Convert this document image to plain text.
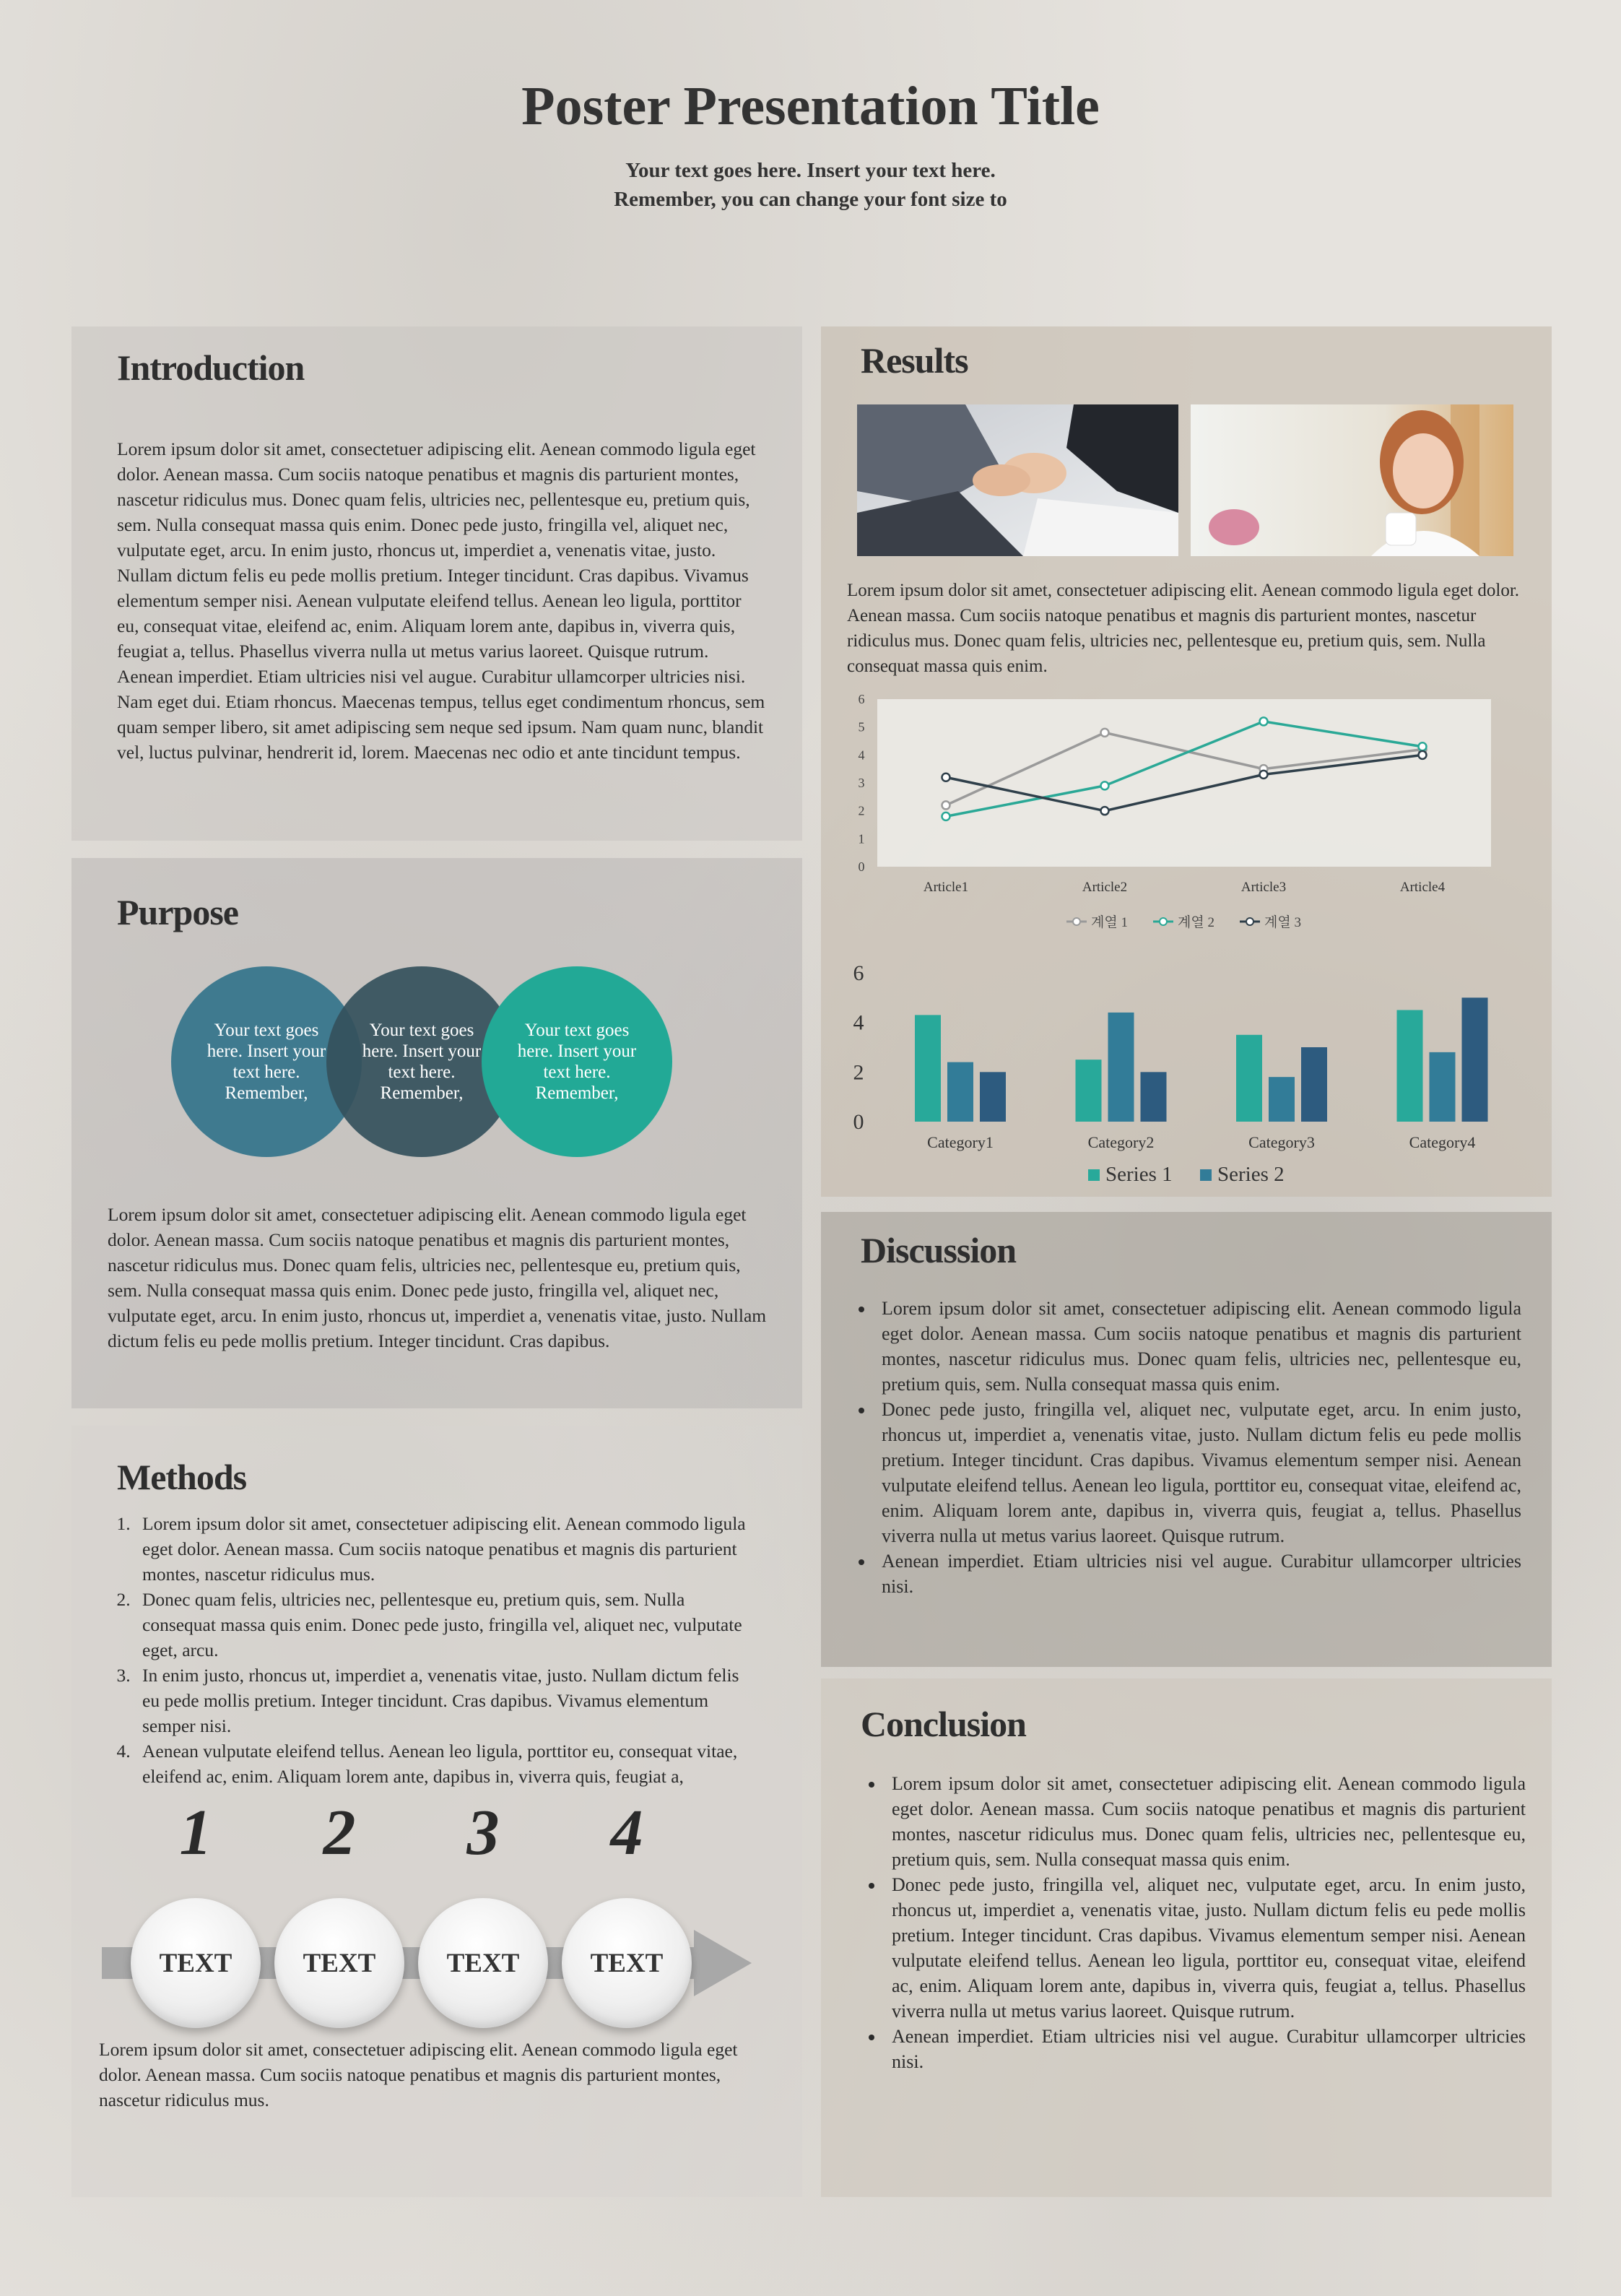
Poster Presentation Title
Your text goes here. Insert your text here.
Remember, you can change your font size to
Introduction

Lorem ipsum dolor sit amet, consectetuer adipiscing elit. Aenean commodo ligula eget dolor. Aenean massa. Cum sociis natoque penatibus et magnis dis parturient montes, nascetur ridiculus mus. Donec quam felis, ultricies nec, pellentesque eu, pretium quis, sem. Nulla consequat massa quis enim. Donec pede justo, fringilla vel, aliquet nec, vulputate eget, arcu. In enim justo, rhoncus ut, imperdiet a, venenatis vitae, justo. Nullam dictum felis eu pede mollis pretium. Integer tincidunt. Cras dapibus. Vivamus elementum semper nisi. Aenean vulputate eleifend tellus. Aenean leo ligula, porttitor eu, consequat vitae, eleifend ac, enim. Aliquam lorem ante, dapibus in, viverra quis, feugiat a, tellus. Phasellus viverra nulla ut metus varius laoreet. Quisque rutrum. Aenean imperdiet. Etiam ultricies nisi vel augue. Curabitur ullamcorper ultricies nisi. Nam eget dui. Etiam rhoncus. Maecenas tempus, tellus eget condimentum rhoncus, sem quam semper libero, sit amet adipiscing sem neque sed ipsum. Nam quam nunc, blandit vel, luctus pulvinar, hendrerit id, lorem. Maecenas nec odio et ante tincidunt tempus.

Purpose
Your text goes here. Insert your text here. Remember,
Your text goes here. Insert your text here. Remember,
Your text goes here. Insert your text here. Remember,

Lorem ipsum dolor sit amet, consectetuer adipiscing elit. Aenean commodo ligula eget dolor. Aenean massa. Cum sociis natoque penatibus et magnis dis parturient montes, nascetur ridiculus mus. Donec quam felis, ultricies nec, pellentesque eu, pretium quis, sem. Nulla consequat massa quis enim. Donec pede justo, fringilla vel, aliquet nec, vulputate eget, arcu. In enim justo, rhoncus ut, imperdiet a, venenatis vitae, justo. Nullam dictum felis eu pede mollis pretium. Integer tincidunt. Cras dapibus.

Methods
1. Lorem ipsum dolor sit amet, consectetuer adipiscing elit. Aenean commodo ligula eget dolor. Aenean massa. Cum sociis natoque penatibus et magnis dis parturient montes, nascetur ridiculus mus.
2. Donec quam felis, ultricies nec, pellentesque eu, pretium quis, sem. Nulla consequat massa quis enim. Donec pede justo, fringilla vel, aliquet nec, vulputate eget, arcu.
3. In enim justo, rhoncus ut, imperdiet a, venenatis vitae, justo. Nullam dictum felis eu pede mollis pretium. Integer tincidunt. Cras dapibus. Vivamus elementum semper nisi.
4. Aenean vulputate eleifend tellus. Aenean leo ligula, porttitor eu, consequat vitae, eleifend ac, enim. Aliquam lorem ante, dapibus in, viverra quis, feugiat a,
1	2	3	4
TEXT	TEXT	TEXT	TEXT

Lorem ipsum dolor sit amet, consectetuer adipiscing elit. Aenean commodo ligula eget dolor. Aenean massa. Cum sociis natoque penatibus et magnis dis parturient montes, nascetur ridiculus mus.

Results

Lorem ipsum dolor sit amet, consectetuer adipiscing elit. Aenean commodo ligula eget dolor. Aenean massa. Cum sociis natoque penatibus et magnis dis parturient montes, nascetur ridiculus mus. Donec quam felis, ultricies nec, pellentesque eu, pretium quis, sem. Nulla consequat massa quis enim.

0
1
2
3
4
5
6
Article1	Article2	Article3	Article4
계열 1	계열 2	계열 3
0
2
4
6
Category1	Category2	Category3	Category4
Series 1 Series 2
Discussion
• Lorem ipsum dolor sit amet, consectetuer adipiscing elit. Aenean commodo ligula eget dolor. Aenean massa. Cum sociis natoque penatibus et magnis dis parturient montes, nascetur ridiculus mus. Donec quam felis, ultricies nec, pellentesque eu, pretium quis, sem. Nulla consequat massa quis enim.
• Donec pede justo, fringilla vel, aliquet nec, vulputate eget, arcu. In enim justo, rhoncus ut, imperdiet a, venenatis vitae, justo. Nullam dictum felis eu pede mollis pretium. Integer tincidunt. Cras dapibus. Vivamus elementum semper nisi. Aenean vulputate eleifend tellus. Aenean leo ligula, porttitor eu, consequat vitae, eleifend ac, enim. Aliquam lorem ante, dapibus in, viverra quis, feugiat a, tellus. Phasellus viverra nulla ut metus varius laoreet. Quisque rutrum.
• Aenean imperdiet. Etiam ultricies nisi vel augue. Curabitur ullamcorper ultricies nisi.
Conclusion
• Lorem ipsum dolor sit amet, consectetuer adipiscing elit. Aenean commodo ligula eget dolor. Aenean massa. Cum sociis natoque penatibus et magnis dis parturient montes, nascetur ridiculus mus. Donec quam felis, ultricies nec, pellentesque eu, pretium quis, sem. Nulla consequat massa quis enim.
• Donec pede justo, fringilla vel, aliquet nec, vulputate eget, arcu. In enim justo, rhoncus ut, imperdiet a, venenatis vitae, justo. Nullam dictum felis eu pede mollis pretium. Integer tincidunt. Cras dapibus. Vivamus elementum semper nisi. Aenean vulputate eleifend tellus. Aenean leo ligula, porttitor eu, consequat vitae, eleifend ac, enim. Aliquam lorem ante, dapibus in, viverra quis, feugiat a, tellus. Phasellus viverra nulla ut metus varius laoreet. Quisque rutrum.
• Aenean imperdiet. Etiam ultricies nisi vel augue. Curabitur ullamcorper ultricies nisi.
